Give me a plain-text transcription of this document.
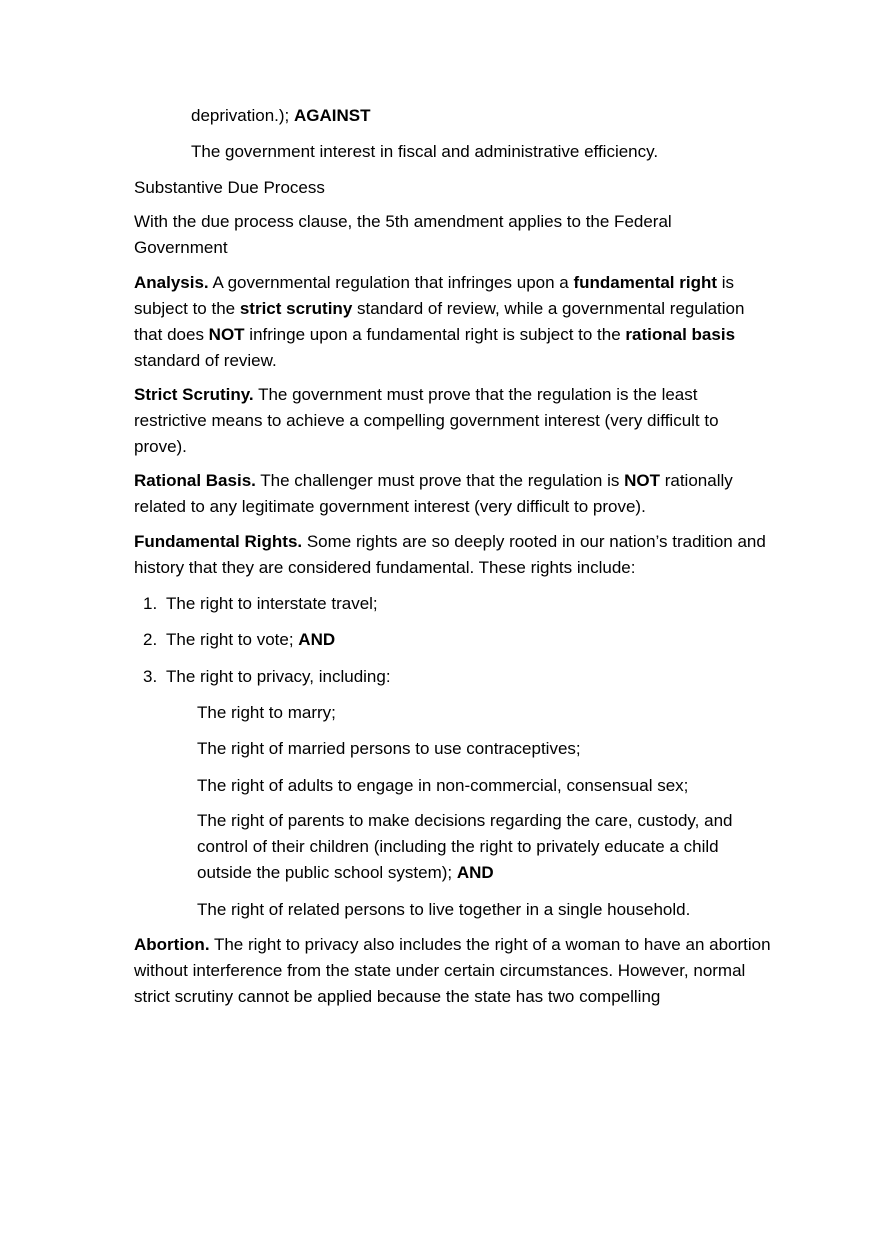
deprivation.); AGAINST
The government interest in fiscal and administrative efficiency.
Substantive Due Process

With the due process clause, the 5th amendment applies to the Federal Government

Analysis. A governmental regulation that infringes upon a fundamental right is subject to the strict scrutiny standard of review, while a governmental regulation that does NOT infringe upon a fundamental right is subject to the rational basis standard of review.

Strict Scrutiny. The government must prove that the regulation is the least restrictive means to achieve a compelling government interest (very difficult to prove).

Rational Basis. The challenger must prove that the regulation is NOT rationally related to any legitimate government interest (very difficult to prove).

Fundamental Rights. Some rights are so deeply rooted in our nation’s tradition and history that they are considered fundamental. These rights include:

1. The right to interstate travel;
2. The right to vote; AND
3. The right to privacy, including:
The right to marry;
The right of married persons to use contraceptives;
The right of adults to engage in non-commercial, consensual sex;

The right of parents to make decisions regarding the care, custody, and control of their children (including the right to privately educate a child outside the public school system); AND

The right of related persons to live together in a single household.

Abortion. The right to privacy also includes the right of a woman to have an abortion without interference from the state under certain circumstances. However, normal strict scrutiny cannot be applied because the state has two compelling
